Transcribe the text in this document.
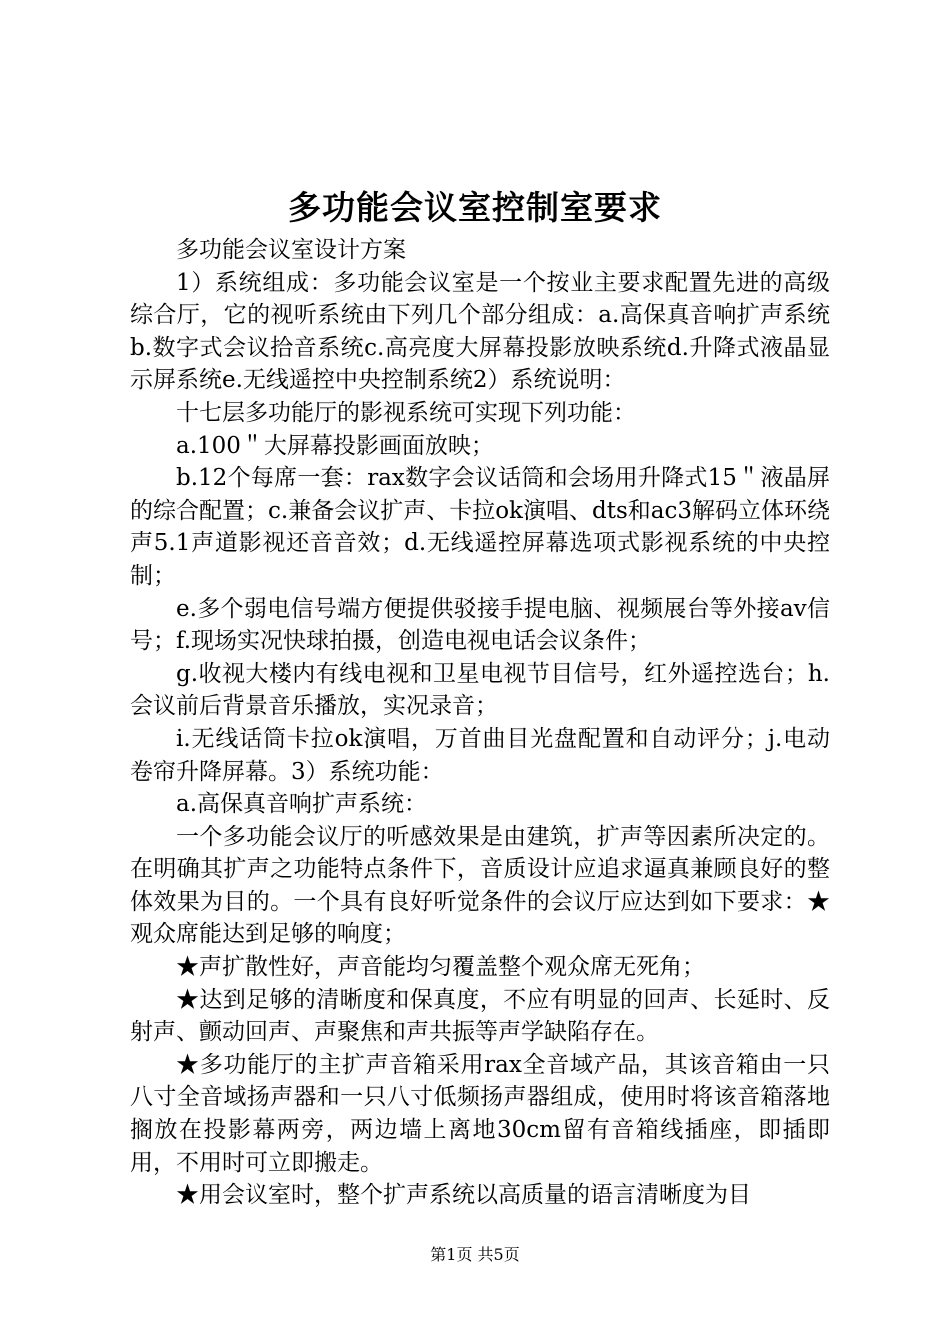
多功能会议室控制室要求

多功能会议室设计方案

1）系统组成：多功能会议室是一个按业主要求配置先进的高级综合厅，它的视听系统由下列几个部分组成：a.高保真音响扩声系统b.数字式会议拾音系统c.高亮度大屏幕投影放映系统d.升降式液晶显示屏系统e.无线遥控中央控制系统2）系统说明：

十七层多功能厅的影视系统可实现下列功能：

a.100＂大屏幕投影画面放映；

b.12个每席一套：rax数字会议话筒和会场用升降式15＂液晶屏的综合配置；c.兼备会议扩声、卡拉ok演唱、dts和ac3解码立体环绕声5.1声道影视还音音效；d.无线遥控屏幕选项式影视系统的中央控制；

e.多个弱电信号端方便提供驳接手提电脑、视频展台等外接av信号；f.现场实况快球拍摄，创造电视电话会议条件；

g.收视大楼内有线电视和卫星电视节目信号，红外遥控选台；h.会议前后背景音乐播放，实况录音；

i.无线话筒卡拉ok演唱，万首曲目光盘配置和自动评分；j.电动卷帘升降屏幕。3）系统功能：

a.高保真音响扩声系统：

一个多功能会议厅的听感效果是由建筑，扩声等因素所决定的。在明确其扩声之功能特点条件下，音质设计应追求逼真兼顾良好的整体效果为目的。一个具有良好听觉条件的会议厅应达到如下要求：★观众席能达到足够的响度；

★声扩散性好，声音能均匀覆盖整个观众席无死角；

★达到足够的清晰度和保真度，不应有明显的回声、长延时、反射声、颤动回声、声聚焦和声共振等声学缺陷存在。

★多功能厅的主扩声音箱采用rax全音域产品，其该音箱由一只八寸全音域扬声器和一只八寸低频扬声器组成，使用时将该音箱落地搁放在投影幕两旁，两边墙上离地30cm留有音箱线插座，即插即用，不用时可立即搬走。

★用会议室时，整个扩声系统以高质量的语言清晰度为目

第1页 共5页
